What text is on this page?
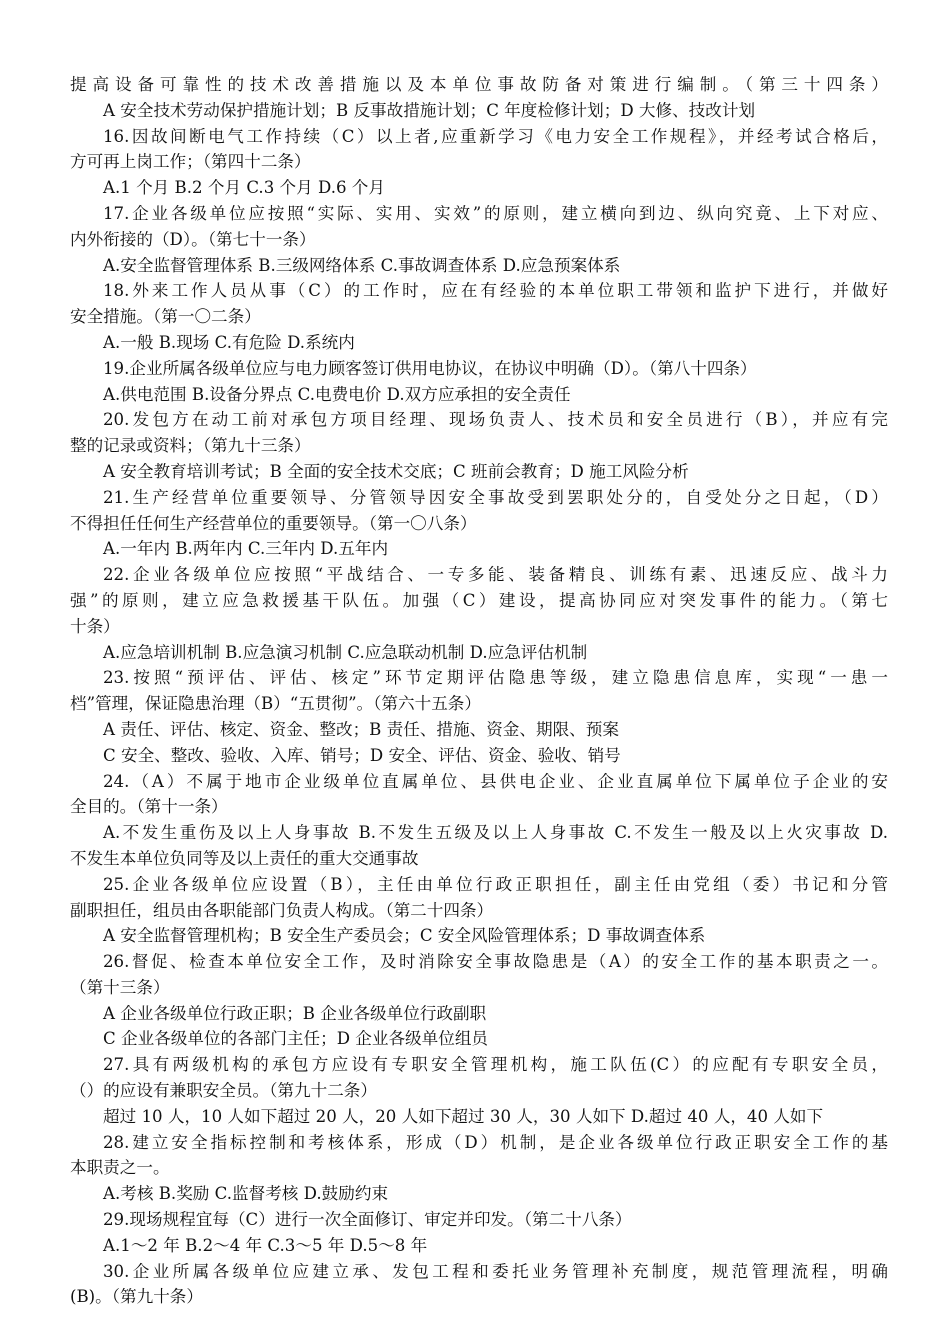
提高设备可靠性的技术改善措施以及本单位事故防备对策进行编制。（第三十四条）
A 安全技术劳动保护措施计划；B 反事故措施计划；C 年度检修计划；D 大修、技改计划
16.因故间断电气工作持续（C）以上者,应重新学习《电力安全工作规程》，并经考试合格后，
方可再上岗工作；（第四十二条）
A.1 个月 B.2 个月 C.3 个月 D.6 个月
17.企业各级单位应按照“实际、实用、实效”的原则，建立横向到边、纵向究竟、上下对应、
内外衔接的（D）。（第七十一条）
A.安全监督管理体系 B.三级网络体系 C.事故调查体系 D.应急预案体系
18.外来工作人员从事（C）的工作时，应在有经验的本单位职工带领和监护下进行，并做好
安全措施。（第一〇二条）
A.一般 B.现场 C.有危险 D.系统内
19.企业所属各级单位应与电力顾客签订供用电协议，在协议中明确（D）。（第八十四条）
A.供电范围 B.设备分界点 C.电费电价 D.双方应承担的安全责任
20.发包方在动工前对承包方项目经理、现场负责人、技术员和安全员进行（B），并应有完
整的记录或资料；（第九十三条）
A 安全教育培训考试；B 全面的安全技术交底；C 班前会教育；D 施工风险分析
21.生产经营单位重要领导、分管领导因安全事故受到罢职处分的，自受处分之日起，（D）
不得担任任何生产经营单位的重要领导。（第一〇八条）
A.一年内 B.两年内 C.三年内 D.五年内
22.企业各级单位应按照“平战结合、一专多能、装备精良、训练有素、迅速反应、战斗力
强”的原则，建立应急救援基干队伍。加强（C）建设，提高协同应对突发事件的能力。（第七
十条）
A.应急培训机制 B.应急演习机制 C.应急联动机制 D.应急评估机制
23.按照“预评估、评估、核定”环节定期评估隐患等级，建立隐患信息库，实现“一患一
档”管理，保证隐患治理（B）“五贯彻”。（第六十五条）
A 责任、评估、核定、资金、整改；B 责任、措施、资金、期限、预案
C 安全、整改、验收、入库、销号；D 安全、评估、资金、验收、销号
24.（A）不属于地市企业级单位直属单位、县供电企业、企业直属单位下属单位子企业的安
全目的。（第十一条）
A.不发生重伤及以上人身事故 B.不发生五级及以上人身事故 C.不发生一般及以上火灾事故 D.
不发生本单位负同等及以上责任的重大交通事故
25.企业各级单位应设置（B），主任由单位行政正职担任，副主任由党组（委）书记和分管
副职担任，组员由各职能部门负责人构成。（第二十四条）
A 安全监督管理机构；B 安全生产委员会；C 安全风险管理体系；D 事故调查体系
26.督促、检查本单位安全工作，及时消除安全事故隐患是（A）的安全工作的基本职责之一。
（第十三条）
A 企业各级单位行政正职；B 企业各级单位行政副职
C 企业各级单位的各部门主任；D 企业各级单位组员
27.具有两级机构的承包方应设有专职安全管理机构，施工队伍(C）的应配有专职安全员，
（）的应设有兼职安全员。（第九十二条）
超过 10 人，10 人如下超过 20 人，20 人如下超过 30 人，30 人如下 D.超过 40 人，40 人如下
28.建立安全指标控制和考核体系，形成（D）机制，是企业各级单位行政正职安全工作的基
本职责之一。
A.考核 B.奖励 C.监督考核 D.鼓励约束
29.现场规程宜每（C）进行一次全面修订、审定并印发。（第二十八条）
A.1～2 年 B.2～4 年 C.3～5 年 D.5～8 年
30.企业所属各级单位应建立承、发包工程和委托业务管理补充制度，规范管理流程，明确
(B)。（第九十条）
